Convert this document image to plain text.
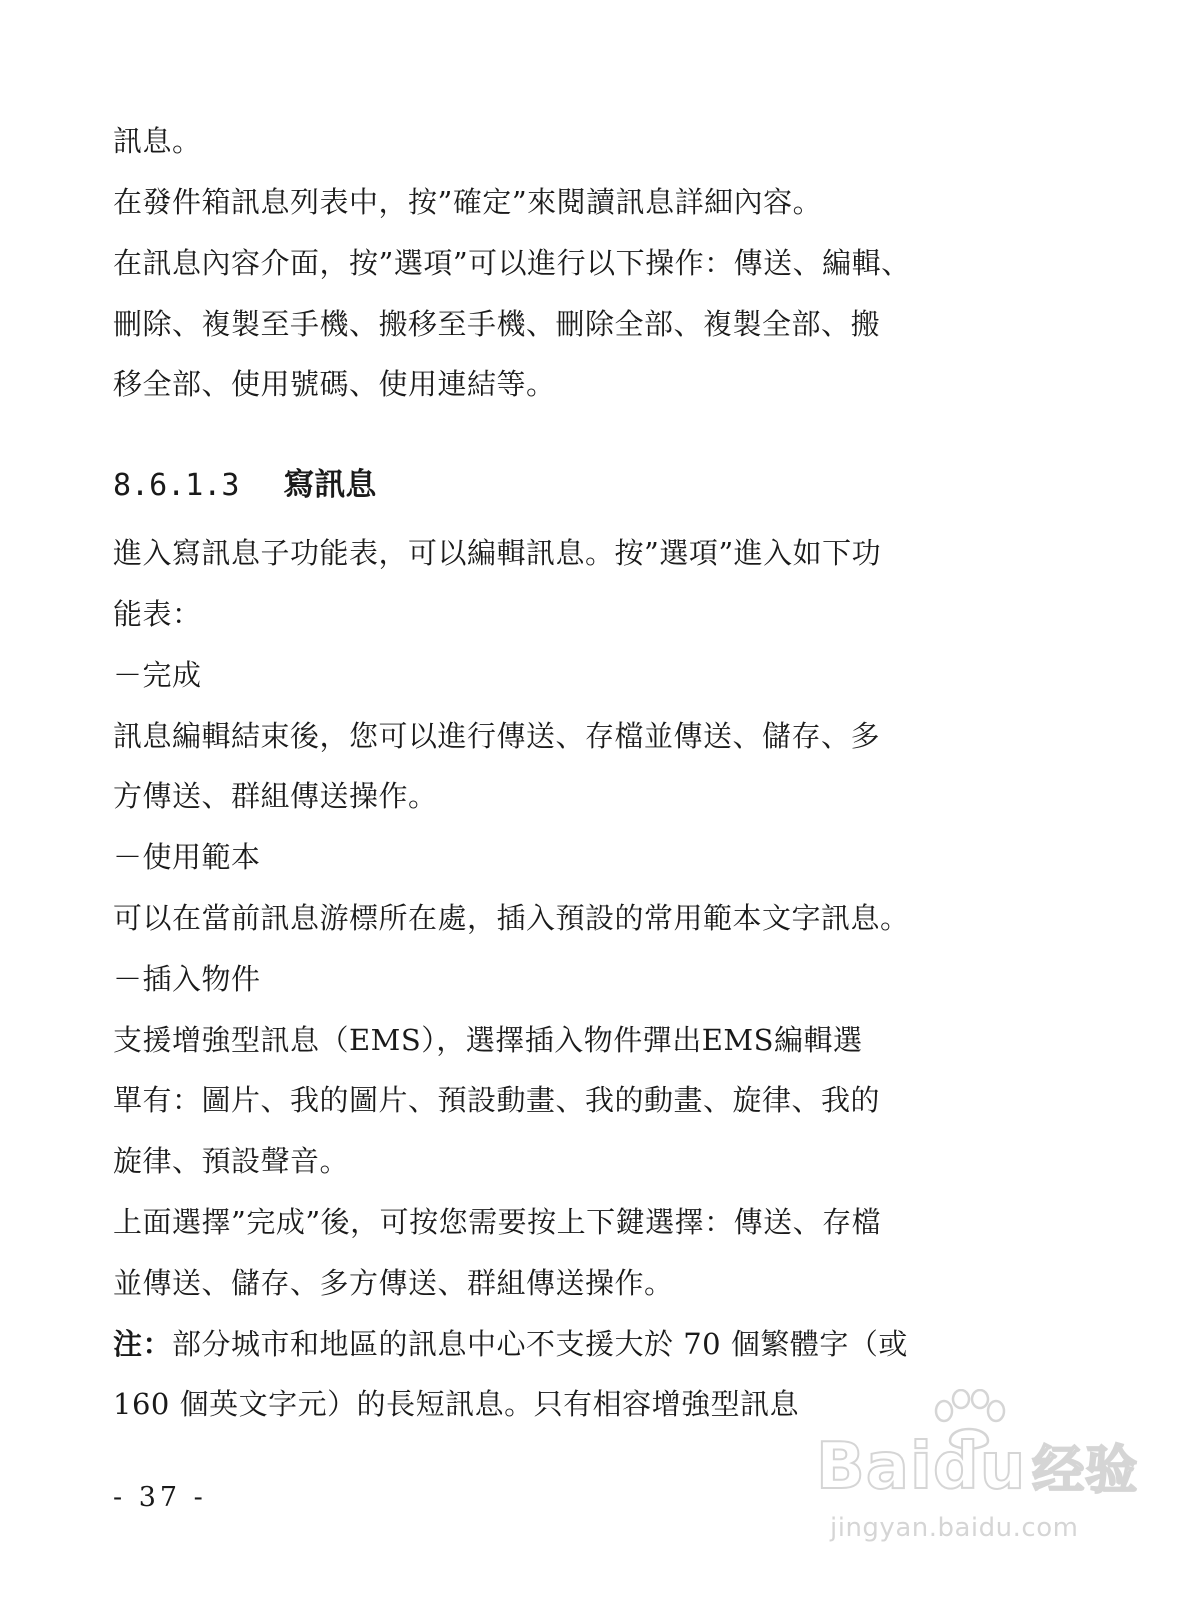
訊息。
在發件箱訊息列表中，按”確定”來閱讀訊息詳細內容。
在訊息內容介面，按”選項”可以進行以下操作：傳送、編輯、
刪除、複製至手機、搬移至手機、刪除全部、複製全部、搬
移全部、使用號碼、使用連結等。
8.6.1.3 寫訊息
進入寫訊息子功能表，可以編輯訊息。按”選項”進入如下功
能表：
－完成
訊息編輯結束後，您可以進行傳送、存檔並傳送、儲存、多
方傳送、群組傳送操作。
－使用範本
可以在當前訊息游標所在處，插入預設的常用範本文字訊息。
－插入物件
支援增強型訊息（EMS），選擇插入物件彈出EMS編輯選
單有：圖片、我的圖片、預設動畫、我的動畫、旋律、我的
旋律、預設聲音。
上面選擇”完成”後，可按您需要按上下鍵選擇：傳送、存檔
並傳送、儲存、多方傳送、群組傳送操作。
注：部分城市和地區的訊息中心不支援大於 70 個繁體字（或
160 個英文字元）的長短訊息。只有相容增強型訊息
- 37 -	Baidu 经验
jingyan.baidu.com
